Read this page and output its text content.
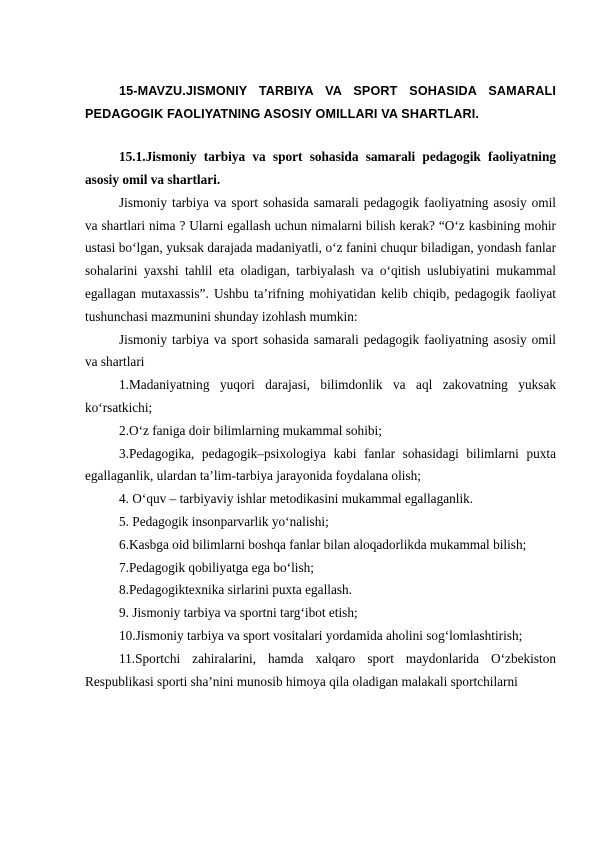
15-MAVZU.JISMONIY TARBIYA VA SPORT SOHASIDA SAMARALI PEDAGOGIK FAOLIYATNING ASOSIY OMILLARI VA SHARTLARI.

15.1.Jismoniy tarbiya va sport sohasida samarali pedagogik faoliyatning asosiy omil va shartlari.

Jismoniy tarbiya va sport sohasida samarali pedagogik faoliyatning asosiy omil va shartlari nima ? Ularni egallash uchun nimalarni bilish kerak? “O‘z kasbining mohir ustasi bo‘lgan, yuksak darajada madaniyatli, o‘z fanini chuqur biladigan, yondash fanlar sohalarini yaxshi tahlil eta oladigan, tarbiyalash va o‘qitish uslubiyatini mukammal egallagan mutaxassis”. Ushbu ta’rifning mohiyatidan kelib chiqib, pedagogik faoliyat tushunchasi mazmunini shunday izohlash mumkin:

Jismoniy tarbiya va sport sohasida samarali pedagogik faoliyatning asosiy omil va shartlari

1.Madaniyatning yuqori darajasi, bilimdonlik va aql zakovatning yuksak ko‘rsatkichi;

2.O‘z faniga doir bilimlarning mukammal sohibi;

3.Pedagogika, pedagogik–psixologiya kabi fanlar sohasidagi bilimlarni puxta egallaganlik, ulardan ta’lim-tarbiya jarayonida foydalana olish;

4. O‘quv – tarbiyaviy ishlar metodikasini mukammal egallaganlik.

5. Pedagogik insonparvarlik yo‘nalishi;

6.Kasbga oid bilimlarni boshqa fanlar bilan aloqadorlikda mukammal bilish;

7.Pedagogik qobiliyatga ega bo‘lish;

8.Pedagogiktexnika sirlarini puxta egallash.

9. Jismoniy tarbiya va sportni targ‘ibot etish;

10.Jismoniy tarbiya va sport vositalari yordamida aholini sog‘lomlashtirish;

11.Sportchi zahiralarini, hamda xalqaro sport maydonlarida O‘zbekiston Respublikasi sporti sha’nini munosib himoya qila oladigan malakali sportchilarni
